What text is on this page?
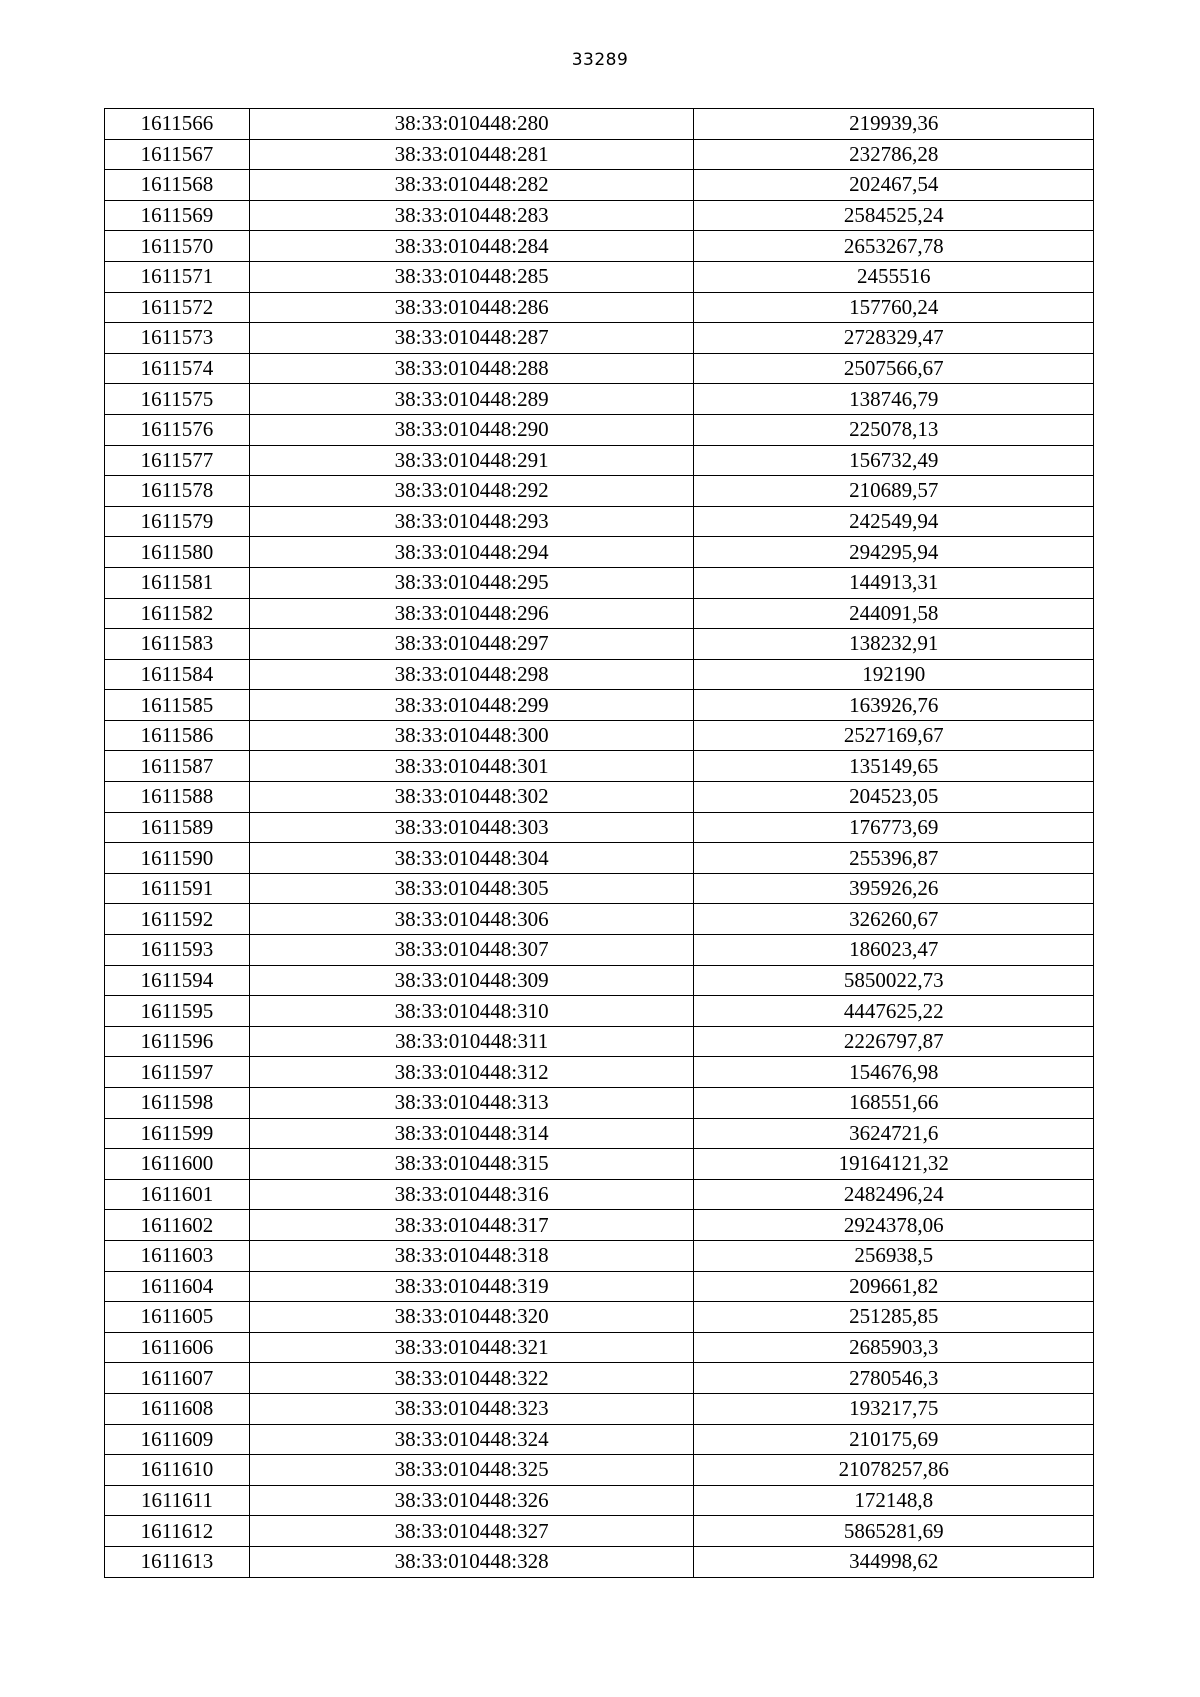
33289
1611566	38:33:010448:280	219939,36
1611567	38:33:010448:281	232786,28
1611568	38:33:010448:282	202467,54
1611569	38:33:010448:283	2584525,24
1611570	38:33:010448:284	2653267,78
1611571	38:33:010448:285	2455516
1611572	38:33:010448:286	157760,24
1611573	38:33:010448:287	2728329,47
1611574	38:33:010448:288	2507566,67
1611575	38:33:010448:289	138746,79
1611576	38:33:010448:290	225078,13
1611577	38:33:010448:291	156732,49
1611578	38:33:010448:292	210689,57
1611579	38:33:010448:293	242549,94
1611580	38:33:010448:294	294295,94
1611581	38:33:010448:295	144913,31
1611582	38:33:010448:296	244091,58
1611583	38:33:010448:297	138232,91
1611584	38:33:010448:298	192190
1611585	38:33:010448:299	163926,76
1611586	38:33:010448:300	2527169,67
1611587	38:33:010448:301	135149,65
1611588	38:33:010448:302	204523,05
1611589	38:33:010448:303	176773,69
1611590	38:33:010448:304	255396,87
1611591	38:33:010448:305	395926,26
1611592	38:33:010448:306	326260,67
1611593	38:33:010448:307	186023,47
1611594	38:33:010448:309	5850022,73
1611595	38:33:010448:310	4447625,22
1611596	38:33:010448:311	2226797,87
1611597	38:33:010448:312	154676,98
1611598	38:33:010448:313	168551,66
1611599	38:33:010448:314	3624721,6
1611600	38:33:010448:315	19164121,32
1611601	38:33:010448:316	2482496,24
1611602	38:33:010448:317	2924378,06
1611603	38:33:010448:318	256938,5
1611604	38:33:010448:319	209661,82
1611605	38:33:010448:320	251285,85
1611606	38:33:010448:321	2685903,3
1611607	38:33:010448:322	2780546,3
1611608	38:33:010448:323	193217,75
1611609	38:33:010448:324	210175,69
1611610	38:33:010448:325	21078257,86
1611611	38:33:010448:326	172148,8
1611612	38:33:010448:327	5865281,69
1611613	38:33:010448:328	344998,62
